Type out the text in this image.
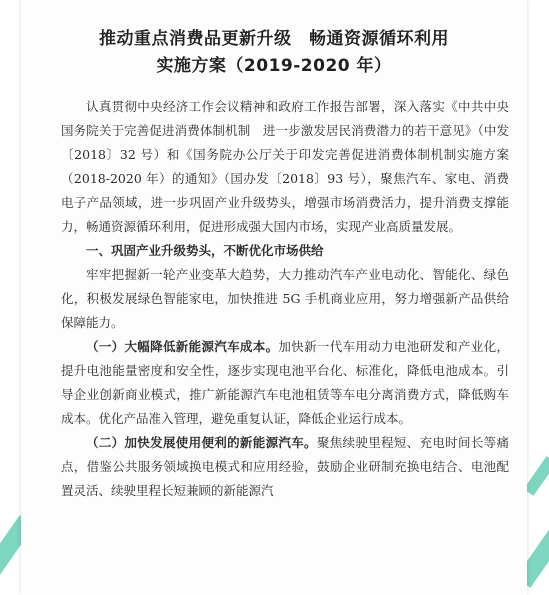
推动重点消费品更新升级　畅通资源循环利用
实施方案（2019-2020 年）

认真贯彻中央经济工作会议精神和政府工作报告部署，深入落实《中共中央　国务院关于完善促进消费体制机制　进一步激发居民消费潜力的若干意见》（中发〔2018〕32 号）和《国务院办公厅关于印发完善促进消费体制机制实施方案（2018-2020 年）的通知》（国办发〔2018〕93 号），聚焦汽车、家电、消费电子产品领域，进一步巩固产业升级势头，增强市场消费活力，提升消费支撑能力，畅通资源循环利用，促进形成强大国内市场，实现产业高质量发展。

一、巩固产业升级势头，不断优化市场供给

牢牢把握新一轮产业变革大趋势，大力推动汽车产业电动化、智能化、绿色化，积极发展绿色智能家电，加快推进 5G 手机商业应用，努力增强新产品供给保障能力。

（一）大幅降低新能源汽车成本。加快新一代车用动力电池研发和产业化，提升电池能量密度和安全性，逐步实现电池平台化、标准化，降低电池成本。引导企业创新商业模式，推广新能源汽车电池租赁等车电分离消费方式，降低购车成本。优化产品准入管理，避免重复认证，降低企业运行成本。

（二）加快发展使用便利的新能源汽车。聚焦续驶里程短、充电时间长等痛点，借鉴公共服务领域换电模式和应用经验，鼓励企业研制充换电结合、电池配置灵活、续驶里程长短兼顾的新能源汽
